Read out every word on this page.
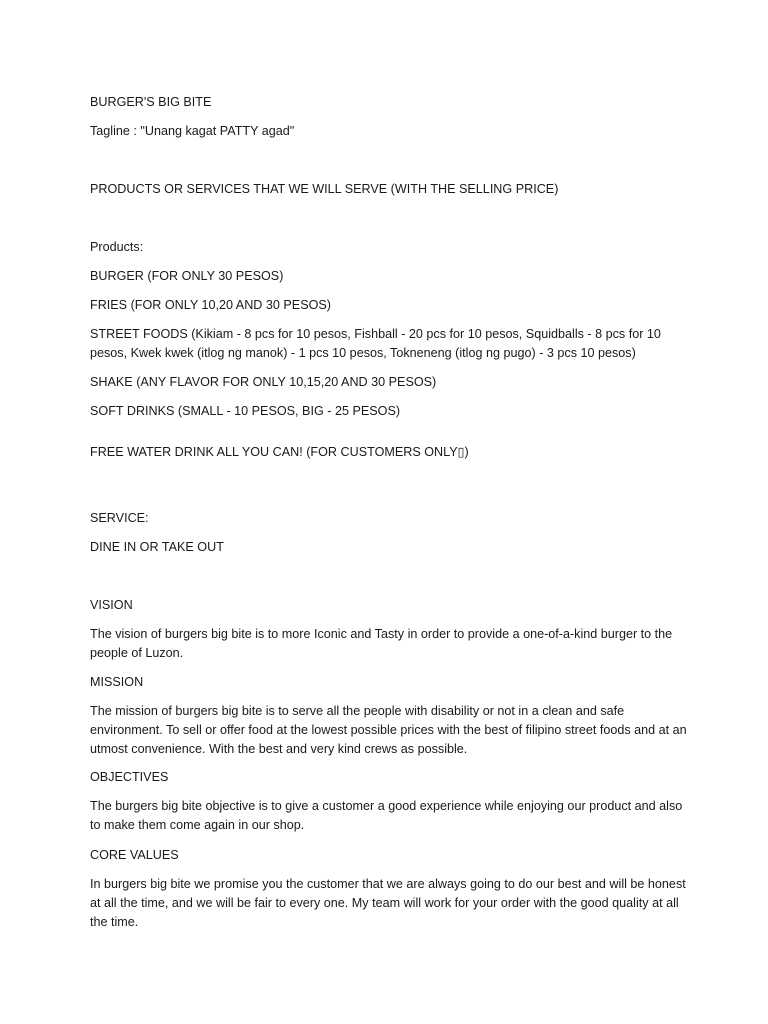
BURGER'S BIG BITE

Tagline : "Unang kagat PATTY agad"

PRODUCTS OR SERVICES THAT WE WILL SERVE (WITH THE SELLING PRICE)

Products:

BURGER (FOR ONLY 30 PESOS)

FRIES (FOR ONLY 10,20 AND 30 PESOS)

STREET FOODS (Kikiam - 8 pcs for 10 pesos, Fishball - 20 pcs for 10 pesos, Squidballs - 8 pcs for 10 pesos, Kwek kwek (itlog ng manok) - 1 pcs 10 pesos, Tokneneng (itlog ng pugo) - 3 pcs 10 pesos)

SHAKE (ANY FLAVOR FOR ONLY 10,15,20 AND 30 PESOS)

SOFT DRINKS (SMALL - 10 PESOS, BIG - 25 PESOS)

FREE WATER DRINK ALL YOU CAN! (FOR CUSTOMERS ONLY▯)

SERVICE:

DINE IN OR TAKE OUT

VISION

The vision of burgers big bite is to more Iconic and Tasty in order to provide a one-of-a-kind burger to the people of Luzon.

MISSION

The mission of burgers big bite is to serve all the people with disability or not in a clean and safe environment. To sell or offer food at the lowest possible prices with the best of filipino street foods and at an utmost convenience. With the best and very kind crews as possible.

OBJECTIVES

The burgers big bite objective is to give a customer a good experience while enjoying our product and also to make them come again in our shop.

CORE VALUES

In burgers big bite we promise you the customer that we are always going to do our best and will be honest at all the time, and we will be fair to every one. My team will work for your order with the good quality at all the time.
